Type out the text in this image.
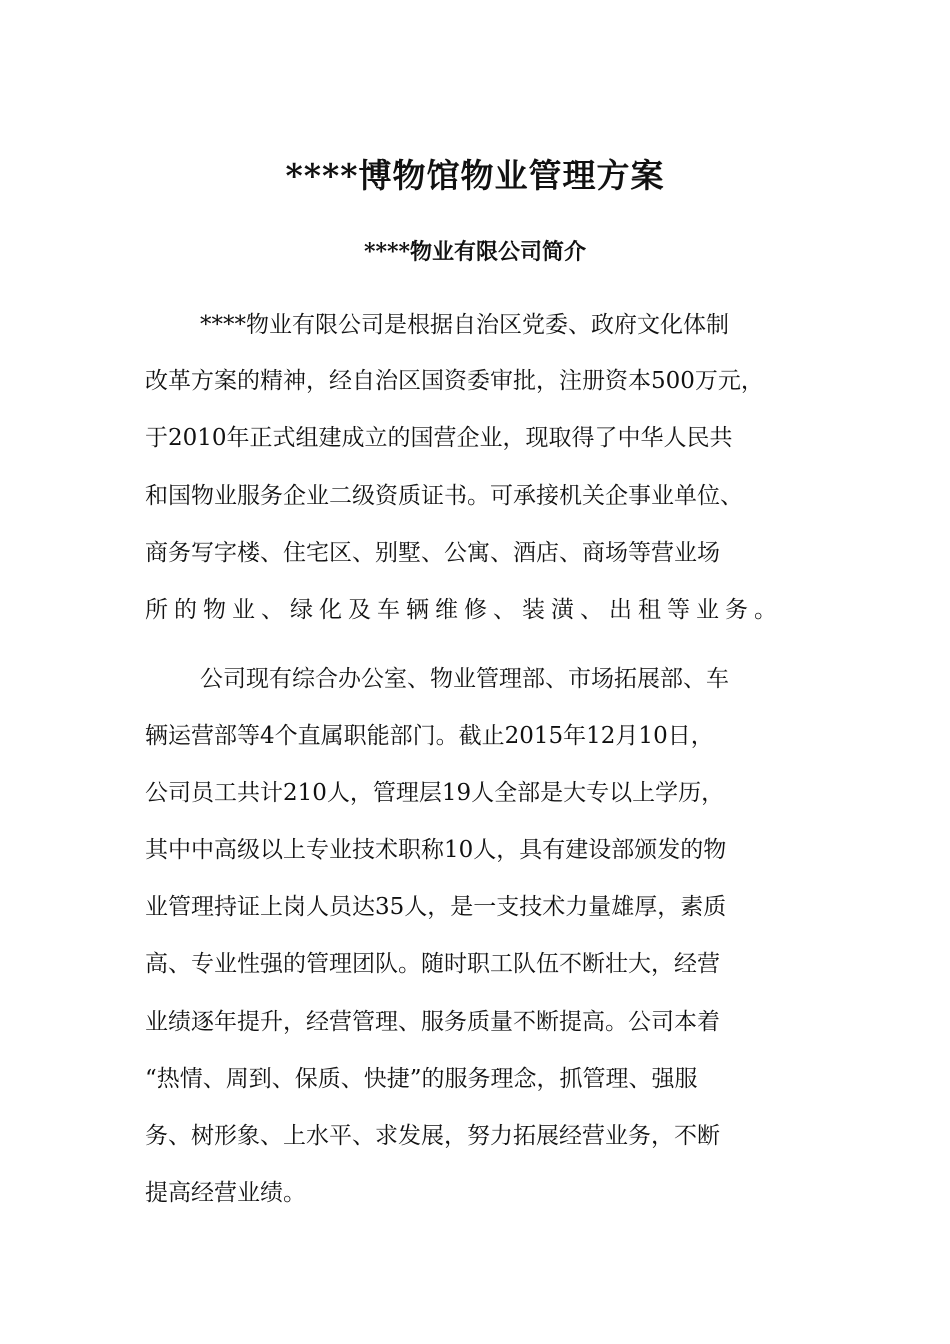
****博物馆物业管理方案
****物业有限公司简介
****物业有限公司是根据自治区党委、政府文化体制
改革方案的精神，经自治区国资委审批，注册资本500万元，
于2010年正式组建成立的国营企业，现取得了中华人民共
和国物业服务企业二级资质证书。可承接机关企事业单位、
商务写字楼、住宅区、别墅、公寓、酒店、商场等营业场
所的物业、绿化及车辆维修、装潢、出租等业务。
公司现有综合办公室、物业管理部、市场拓展部、车
辆运营部等4个直属职能部门。截止2015年12月10日，
公司员工共计210人，管理层19人全部是大专以上学历，
其中中高级以上专业技术职称10人，具有建设部颁发的物
业管理持证上岗人员达35人，是一支技术力量雄厚，素质
高、专业性强的管理团队。随时职工队伍不断壮大，经营
业绩逐年提升，经营管理、服务质量不断提高。公司本着
“热情、周到、保质、快捷”的服务理念，抓管理、强服
务、树形象、上水平、求发展，努力拓展经营业务，不断
提高经营业绩。
